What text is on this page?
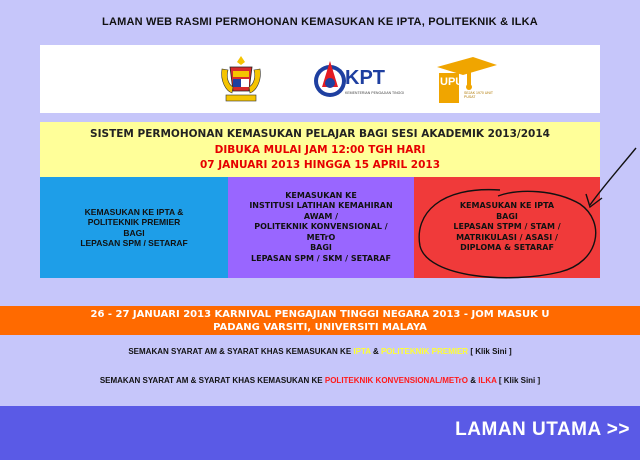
LAMAN WEB RASMI PERMOHONAN KEMASUKAN KE IPTA, POLITEKNIK & ILKA
KPT
KEMENTERIAN PENGAJIAN TINGGI
UPU
SEJAK 1970 UNIT PUSAT
SISTEM PERMOHONAN KEMASUKAN PELAJAR BAGI SESI AKADEMIK 2013/2014
DIBUKA MULAI JAM 12:00 TGH HARI
07 JANUARI 2013 HINGGA 15 APRIL 2013
KEMASUKAN KE IPTA &
POLITEKNIK PREMIER
BAGI
LEPASAN SPM / SETARAF
KEMASUKAN KE
INSTITUSI LATIHAN KEMAHIRAN
AWAM /
POLITEKNIK KONVENSIONAL /
METrO
BAGI
LEPASAN SPM / SKM / SETARAF
KEMASUKAN KE IPTA
BAGI
LEPASAN STPM / STAM /
MATRIKULASI / ASASI /
DIPLOMA & SETARAF
26 - 27 JANUARI 2013 KARNIVAL PENGAJIAN TINGGI NEGARA 2013 - JOM MASUK U
PADANG VARSITI, UNIVERSITI MALAYA
SEMAKAN SYARAT AM & SYARAT KHAS KEMASUKAN KE IPTA & POLITEKNIK PREMIER [ Klik Sini ]
SEMAKAN SYARAT AM & SYARAT KHAS KEMASUKAN KE POLITEKNIK KONVENSIONAL/METrO & ILKA [ Klik Sini ]
LAMAN UTAMA >>
